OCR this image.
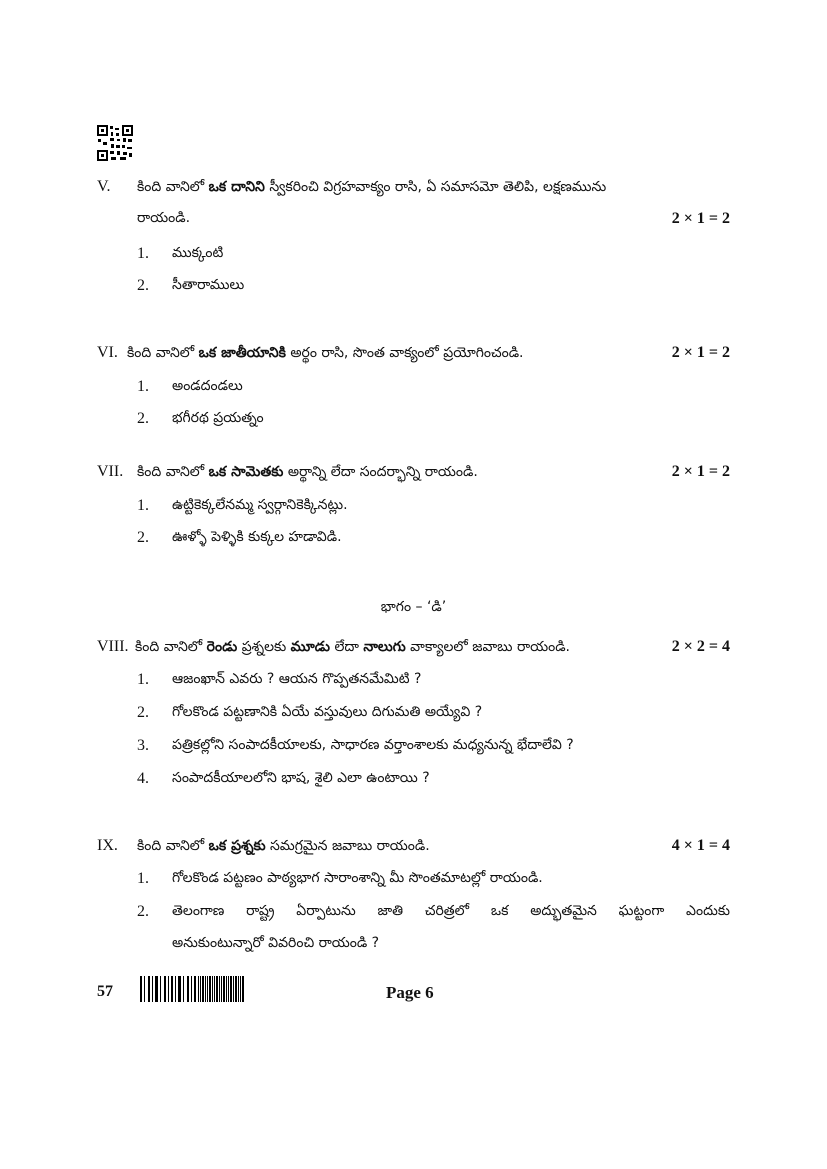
V. కింది వానిలో ఒక దానిని స్వీకరించి విగ్రహవాక్యం రాసి, ఏ సమాసమో తెలిపి, లక్షణమును
రాయండి.	2 × 1 = 2
1. ముక్కంటి
2. సీతారాములు
VI. కింది వానిలో ఒక జాతీయానికి అర్థం రాసి, సొంత వాక్యంలో ప్రయోగించండి.	2 × 1 = 2
1. అండదండలు
2. భగీరథ ప్రయత్నం
VII. కింది వానిలో ఒక సామెతకు అర్థాన్ని లేదా సందర్భాన్ని రాయండి.	2 × 1 = 2
1. ఉట్టికెక్కలేనమ్మ స్వర్గానికెక్కినట్లు.
2. ఊళ్ళో పెళ్ళికి కుక్కల హడావిడి.
భాగం – ‘డి’
VIII. కింది వానిలో రెండు ప్రశ్నలకు మూడు లేదా నాలుగు వాక్యాలలో జవాబు రాయండి.	2 × 2 = 4
1. ఆజంఖాన్ ఎవరు ? ఆయన గొప్పతనమేమిటి ?
2. గోలకొండ పట్టణానికి ఏయే వస్తువులు దిగుమతి అయ్యేవి ?
3. పత్రికల్లోని సంపాదకీయాలకు, సాధారణ వర్తాంశాలకు మధ్యనున్న భేదాలేవి ?
4. సంపాదకీయాలలోని భాష, శైలి ఎలా ఉంటాయి ?
IX. కింది వానిలో ఒక ప్రశ్నకు సమగ్రమైన జవాబు రాయండి.	4 × 1 = 4
1. గోలకొండ పట్టణం పాఠ్యభాగ సారాంశాన్ని మీ సొంతమాటల్లో రాయండి.
2. తెలంగాణ రాష్ట్ర ఏర్పాటును జాతి చరిత్రలో ఒక అద్భుతమైన ఘట్టంగా ఎందుకు
అనుకుంటున్నారో వివరించి రాయండి ?
57	Page 6
